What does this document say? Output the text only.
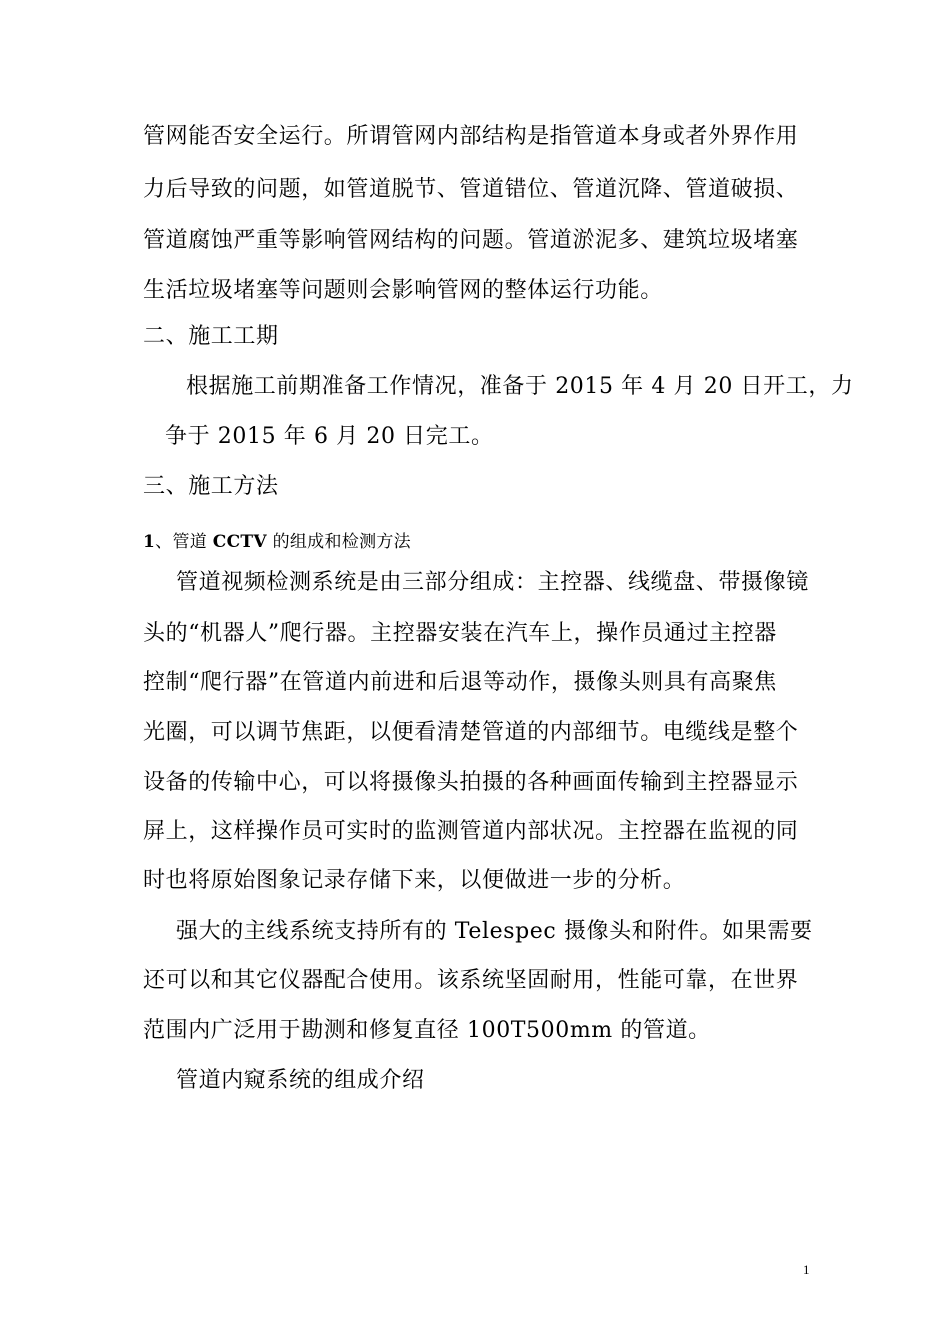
管网能否安全运行。所谓管网内部结构是指管道本身或者外界作用
力后导致的问题，如管道脱节、管道错位、管道沉降、管道破损、
管道腐蚀严重等影响管网结构的问题。管道淤泥多、建筑垃圾堵塞
生活垃圾堵塞等问题则会影响管网的整体运行功能。
二、施工工期
根据施工前期准备工作情况，准备于 2015 年 4 月 20 日开工，力
争于 2015 年 6 月 20 日完工。
三、施工方法
1、管道 CCTV 的组成和检测方法
管道视频检测系统是由三部分组成：主控器、线缆盘、带摄像镜
头的“机器人”爬行器。主控器安装在汽车上，操作员通过主控器
控制“爬行器”在管道内前进和后退等动作，摄像头则具有高聚焦
光圈，可以调节焦距，以便看清楚管道的内部细节。电缆线是整个
设备的传输中心，可以将摄像头拍摄的各种画面传输到主控器显示
屏上，这样操作员可实时的监测管道内部状况。主控器在监视的同
时也将原始图象记录存储下来，以便做进一步的分析。
强大的主线系统支持所有的 Telespec 摄像头和附件。如果需要
还可以和其它仪器配合使用。该系统坚固耐用，性能可靠，在世界
范围内广泛用于勘测和修复直径 100T500mm 的管道。
管道内窥系统的组成介绍
1
